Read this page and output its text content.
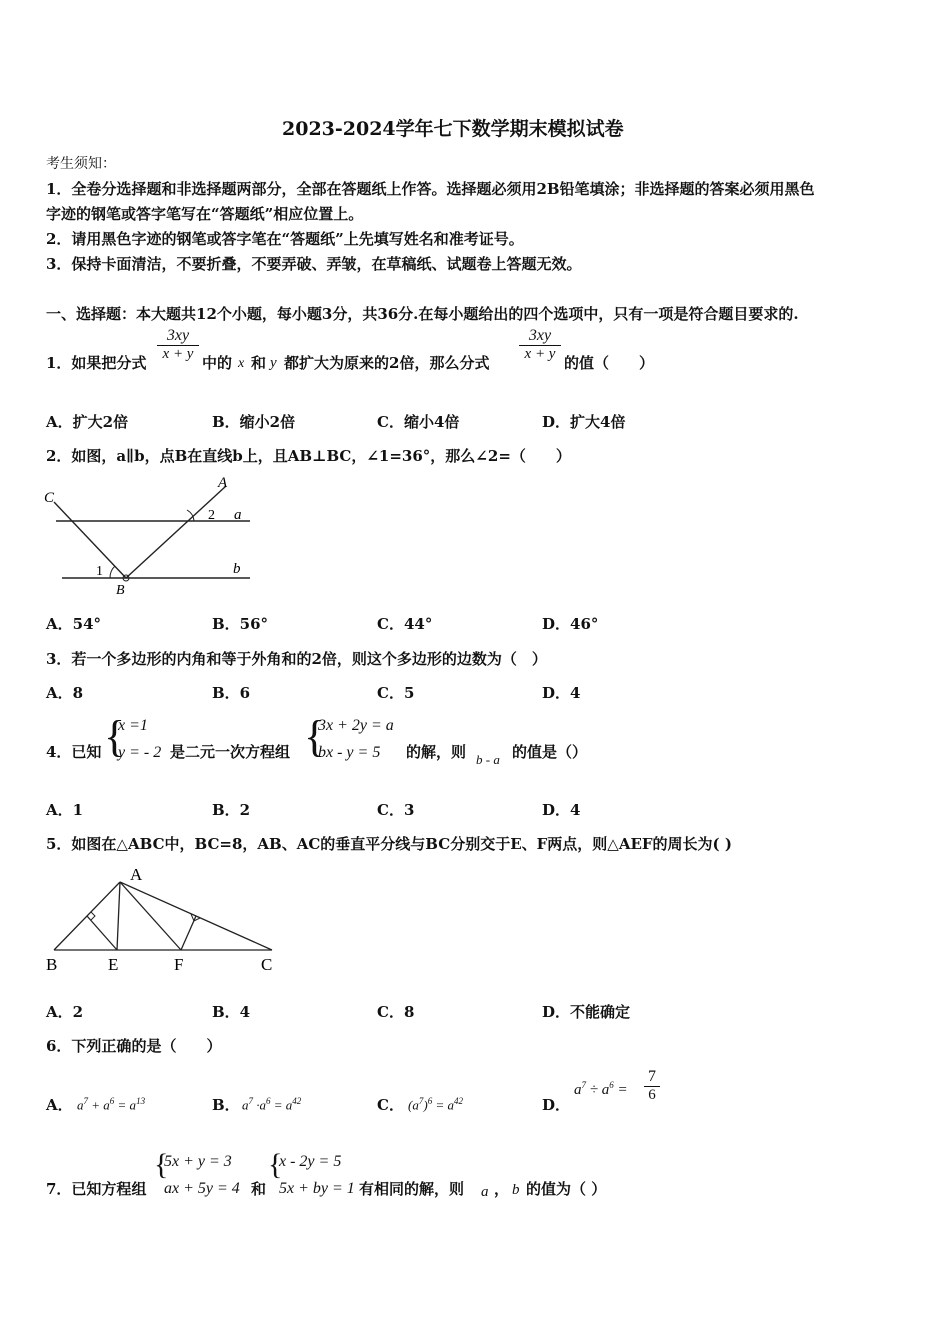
2023-2024学年七下数学期末模拟试卷
考生须知：
1．全卷分选择题和非选择题两部分，全部在答题纸上作答。选择题必须用2B铅笔填涂；非选择题的答案必须用黑色
字迹的钢笔或答字笔写在“答题纸”相应位置上。
2．请用黑色字迹的钢笔或答字笔在“答题纸”上先填写姓名和准考证号。
3．保持卡面清洁，不要折叠，不要弄破、弄皱，在草稿纸、试题卷上答题无效。
一、选择题：本大题共12个小题，每小题3分，共36分.在每小题给出的四个选项中，只有一项是符合题目要求的.
1．如果把分式
3xy
x + y 中的 x 和 y 都扩大为原来的2倍，那么分式
3xy
x + y 的值（　　）
A．扩大2倍	B．缩小2倍	C．缩小4倍	D．扩大4倍
2．如图，a∥b，点B在直线b上，且AB⊥BC，∠1=36°，那么∠2=（　　）
C
A
a
b
B
1
2
A．54°	B．56°	C．44°	D．46°
3．若一个多边形的内角和等于外角和的2倍，则这个多边形的边数为（　）
A．8	B．6	C．5	D．4
4．已知 {
x =1
y = - 2 是二元一次方程组 {
3x + 2y = a
bx - y = 5	的解，则 b - a 的值是（）
A．1	B．2	C．3	D．4
5．如图在△ABC中，BC=8，AB、AC的垂直平分线与BC分别交于E、F两点，则△AEF的周长为( )
A
B	E	F	C
A．2	B．4	C．8	D．不能确定
6．下列正确的是（　　）
A． $a^7 + a^6 = a^{13}$	B． $a^7 \cdot a^6 = a^{42}$	C． $(a^7)^6 = a^{42}$	D．
$a^7 \div a^6$ =
7
6
7．已知方程组
{
5x + y = 3
ax + 5y = 4 和
{
x - 2y = 5
5x + by = 1 有相同的解，则 a ， b 的值为（ ）
